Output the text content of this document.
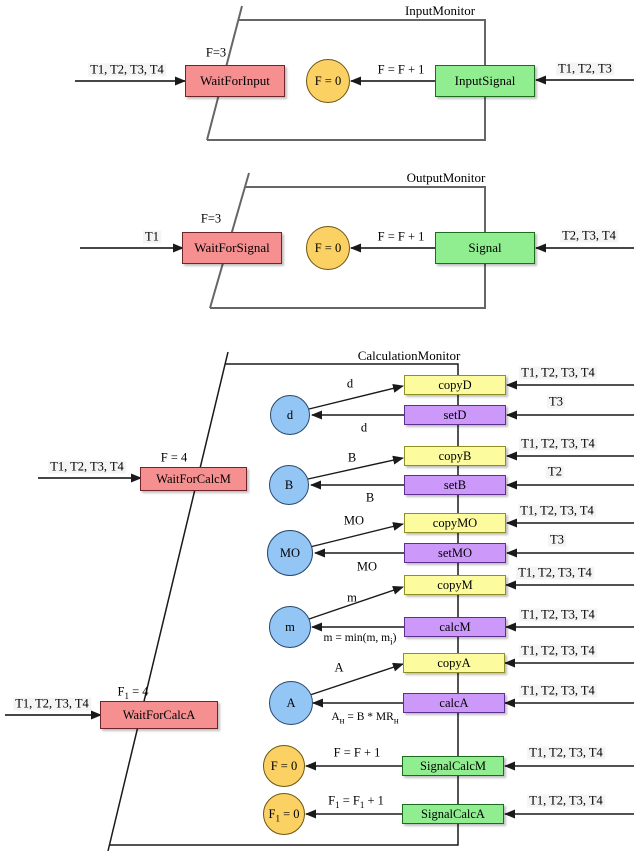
InputMonitor
F=3
T1, T2, T3, T4
WaitForInput	F = 0
F = F + 1
InputSignal
T1, T2, T3
OutputMonitor
F=3
T1
WaitForSignal	F = 0
F = F + 1
Signal
T2, T3, T4
CalculationMonitor
F = 4
T1, T2, T3, T4
WaitForCalcM
$F_1 = 4$
T1, T2, T3, T4
WaitForCalcA
d
copyD
setD
T1, T2, T3, T4
T3
d
d
B
copyB
setB
T1, T2, T3, T4
T2
B
B
MO
copyMO
setMO
T1, T2, T3, T4
T3
MO
MO
m
copyM
calcM
T1, T2, T3, T4
T1, T2, T3, T4
m
m = min(m, $m_i$)
A
copyA
calcA
T1, T2, T3, T4
T1, T2, T3, T4
A
$A_н = B * MR_н$
F = 0
F = F + 1
SignalCalcM
T1, T2, T3, T4
$F_1 = 0$
$F_1 = F_1 + 1$
SignalCalcA
T1, T2, T3, T4
